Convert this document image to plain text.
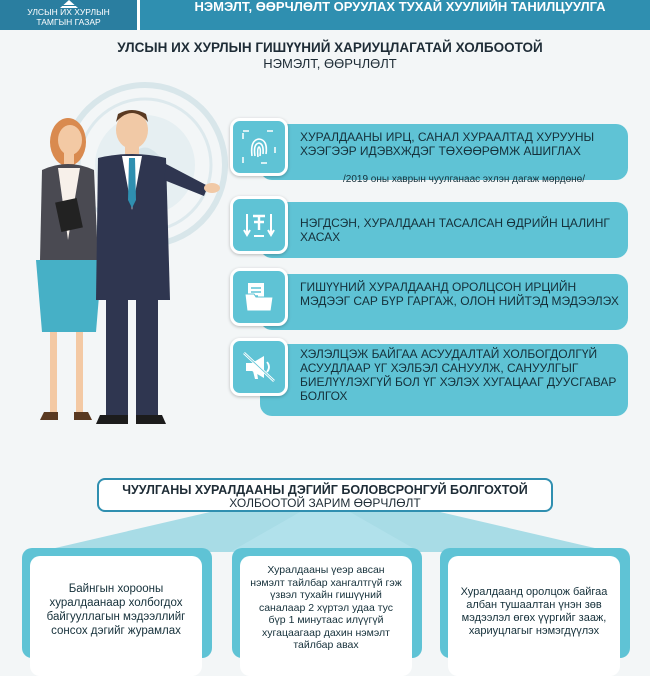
УЛСЫН ИХ ХУРЛЫН
ТАМГЫН ГАЗАР
НЭМЭЛТ, ӨӨРЧЛӨЛТ ОРУУЛАХ ТУХАЙ ХУУЛИЙН ТАНИЛЦУУЛГА
УЛСЫН ИХ ХУРЛЫН ГИШҮҮНИЙ ХАРИУЦЛАГАТАЙ ХОЛБООТОЙ
НЭМЭЛТ, ӨӨРЧЛӨЛТ
ХУРАЛДААНЫ ИРЦ, САНАЛ ХУРААЛТАД ХУРУУНЫ ХЭЭГЭЭР ИДЭВХЖДЭГ ТӨХӨӨРӨМЖ АШИГЛАХ
/2019 оны хаврын чуулганаас эхлэн дагаж мөрдөнө/
НЭГДСЭН, ХУРАЛДААН ТАСАЛСАН ӨДРИЙН ЦАЛИНГ ХАСАХ
ГИШҮҮНИЙ ХУРАЛДААНД ОРОЛЦСОН ИРЦИЙН МЭДЭЭГ САР БҮР ГАРГАЖ, ОЛОН НИЙТЭД МЭДЭЭЛЭХ
ХЭЛЭЛЦЭЖ БАЙГАА АСУУДАЛТАЙ ХОЛБОГДОЛГҮЙ АСУУДЛААР ҮГ ХЭЛБЭЛ САНУУЛЖ, САНУУЛГЫГ БИЕЛҮҮЛЭХГҮЙ БОЛ ҮГ ХЭЛЭХ ХУГАЦААГ ДУУСГАВАР БОЛГОХ
ЧУУЛГАНЫ ХУРАЛДААНЫ ДЭГИЙГ БОЛОВСРОНГУЙ БОЛГОХТОЙ
ХОЛБООТОЙ ЗАРИМ ӨӨРЧЛӨЛТ
Байнгын хорооны хуралдаанаар холбогдох байгууллагын мэдээллийг сонсох дэгийг журамлах
Хуралдааны үеэр авсан нэмэлт тайлбар хангалтгүй гэж үзвэл тухайн гишүүний саналаар 2 хүртэл удаа тус бүр 1 минутаас илүүгүй хугацаагаар дахин нэмэлт тайлбар авах
Хуралдаанд оролцож байгаа албан тушаалтан үнэн зөв мэдээлэл өгөх үүргийг зааж, хариуцлагыг нэмэгдүүлэх
